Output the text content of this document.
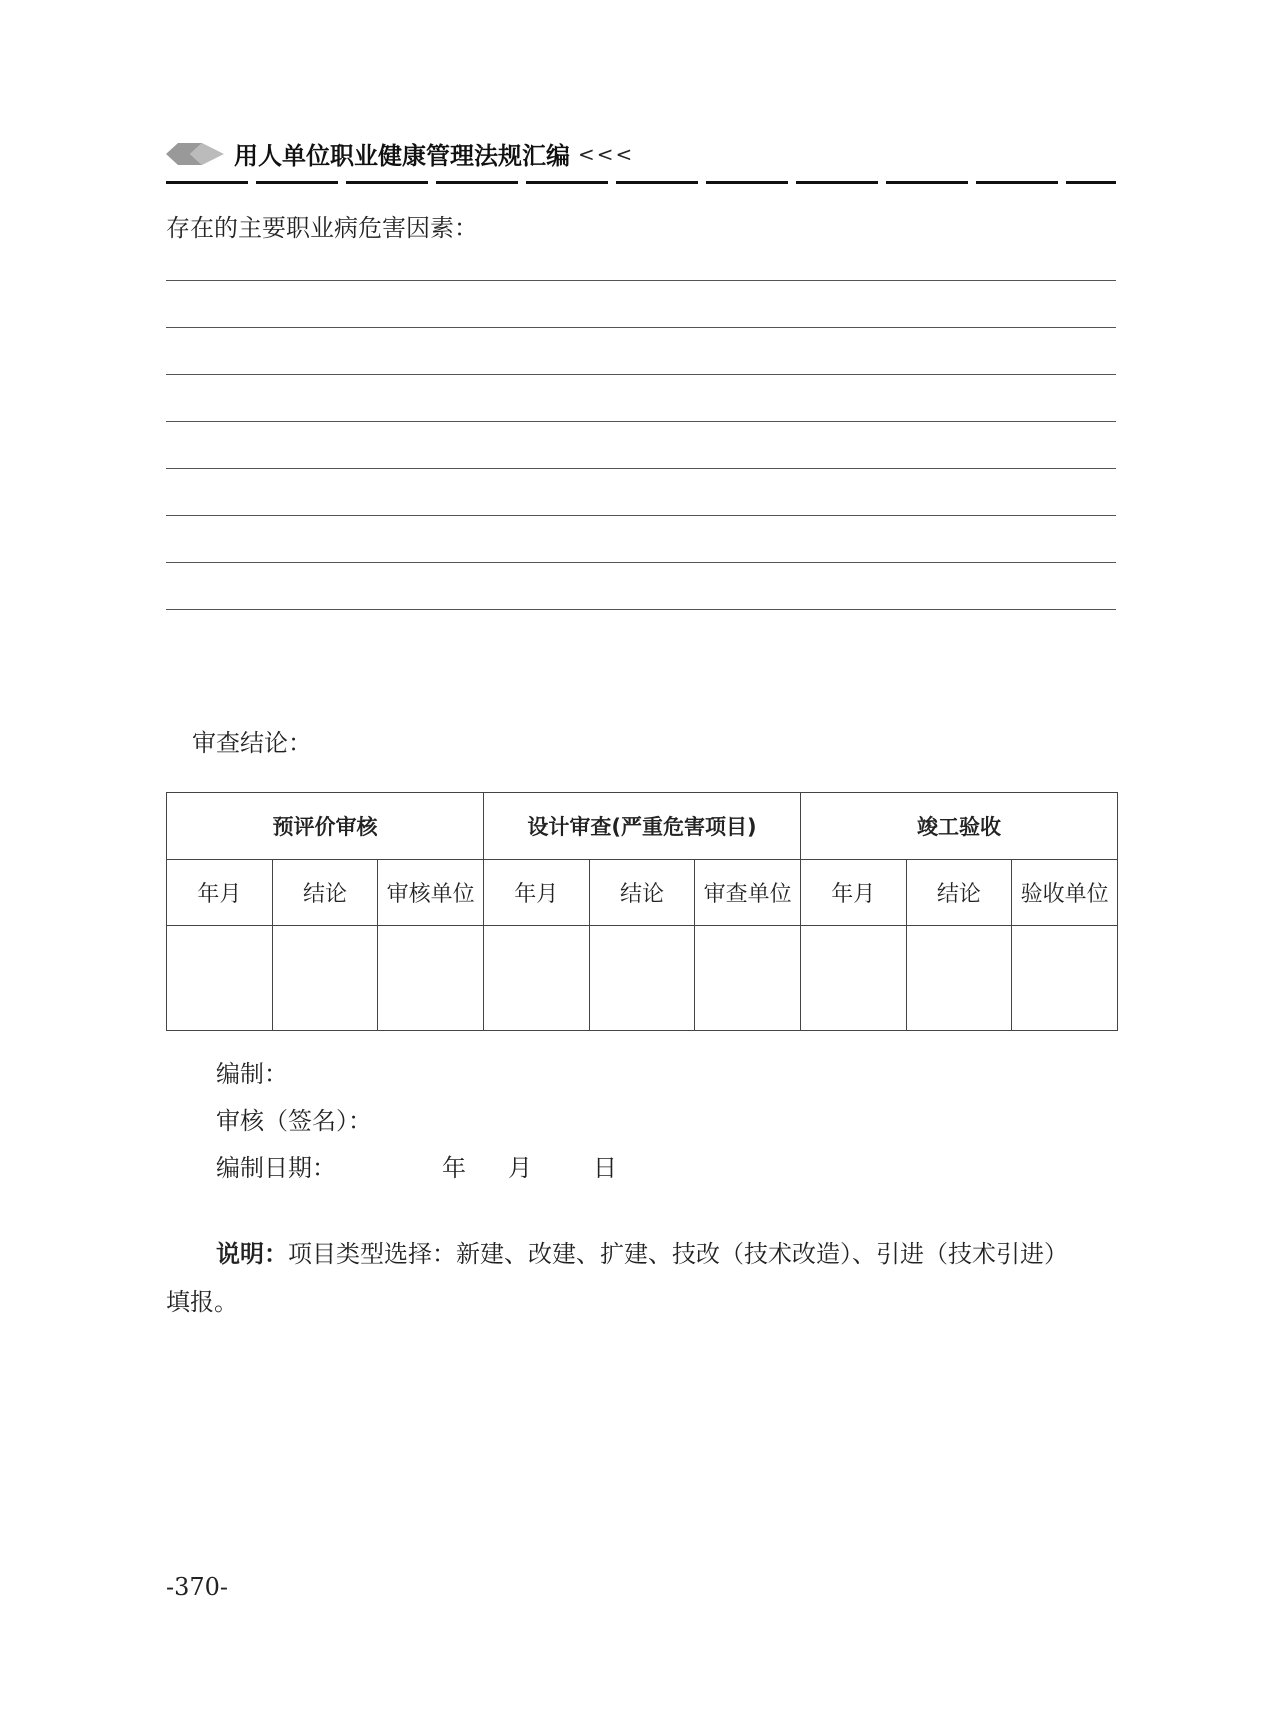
用人单位职业健康管理法规汇编 <<<
存在的主要职业病危害因素：
审查结论：
预评价审核			设计审查(严重危害项目)			竣工验收		
年月	结论	审核单位	年月	结论	审查单位	年月	结论	验收单位

编制：
审核（签名）：
编制日期：	年 月	日
说明：项目类型选择：新建、改建、扩建、技改（技术改造）、引进（技术引进）
填报。
-370-
